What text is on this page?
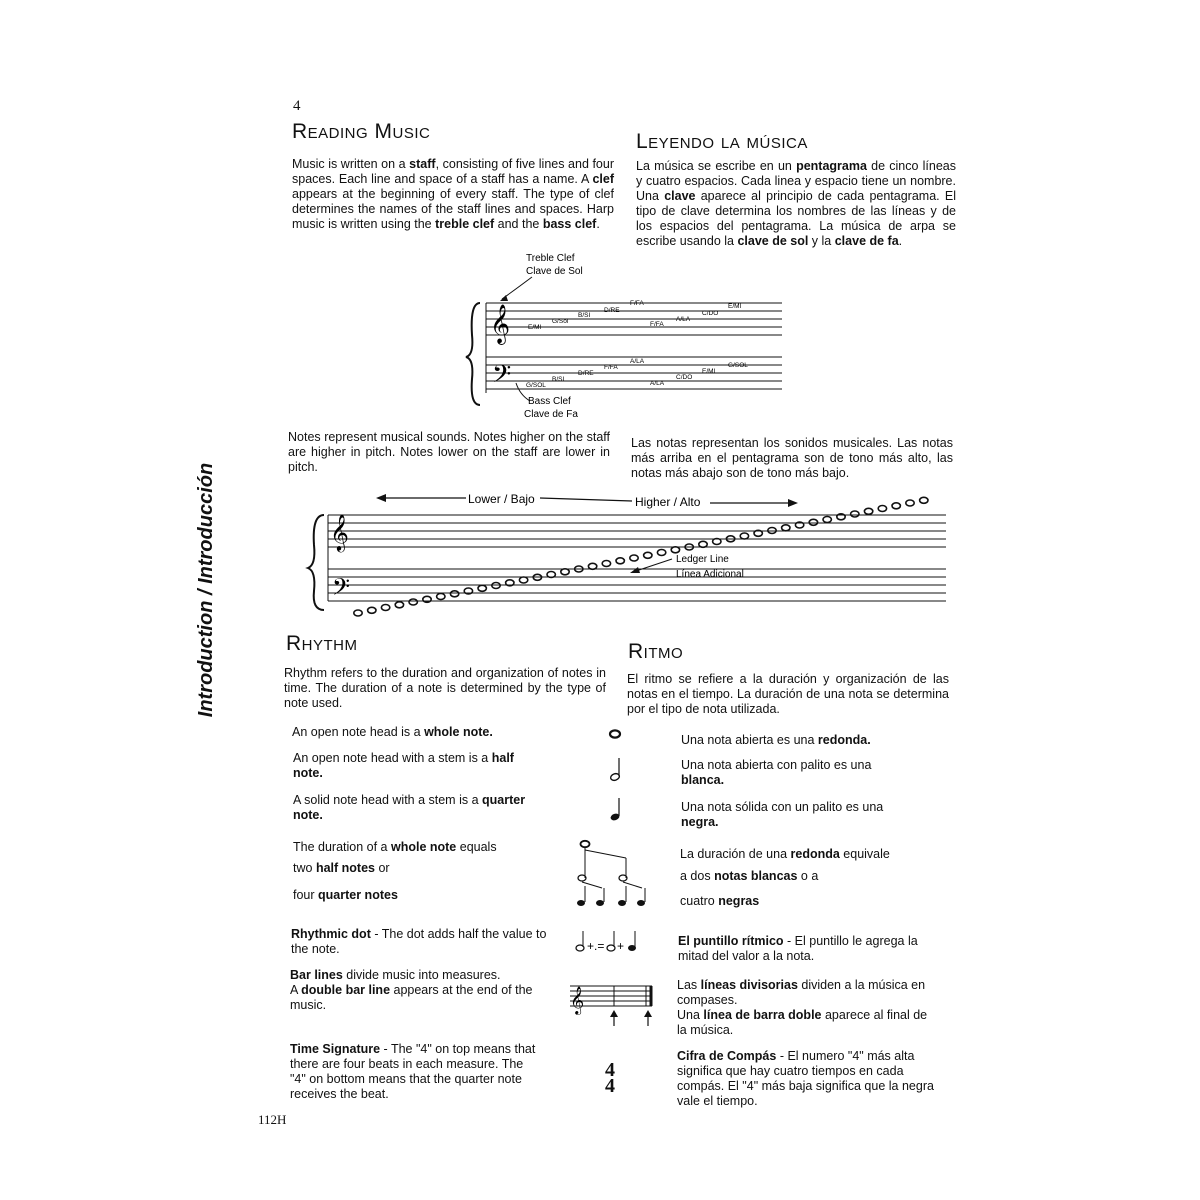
4
Introduction / Introducción
Reading Music	Leyendo la música

Music is written on a staff, consisting of five lines and four spaces. Each line and space of a staff has a name. A clef appears at the beginning of every staff. The type of clef determines the names of the staff lines and spaces. Harp music is written using the treble clef and the bass clef.

La música se escribe en un pentagrama de cinco líneas y cuatro espacios. Cada linea y espacio tiene un nombre. Una clave aparece al principio de cada pentagrama. El tipo de clave determina los nombres de las líneas y de los espacios del pentagrama. La música de arpa se escribe usando la clave de sol y la clave de fa.

Treble Clef
Clave de Sol
𝄞
𝄢
E/MI
G/Sol
B/SI
D/RE
F/FA
F/FA
A/LA
C/DO
E/MI
G/SOL
B/SI
D/RE
F/FA
A/LA
A/LA
C/DO
E/MI
G/SOL
Bass Clef
Clave de Fa

Notes represent musical sounds. Notes higher on the staff are higher in pitch. Notes lower on the staff are lower in pitch.

Las notas representan los sonidos musicales. Las notas más arriba en el pentagrama son de tono más alto, las notas más abajo son de tono más bajo.

Lower / Bajo	Higher / Alto
𝄞
𝄢
Ledger Line
Línea Adicional
Rhythm	Ritmo

Rhythm refers to the duration and organization of notes in time. The duration of a note is determined by the type of note used.

El ritmo se refiere a la duración y organización de las notas en el tiempo. La duración de una nota se determina por el tipo de nota utilizada.

An open note head is a whole note.
Una nota abierta es una redonda.
An open note head with a stem is a half note.
Una nota abierta con palito es una blanca.
A solid note head with a stem is a quarter note.
Una nota sólida con un palito es una negra.
The duration of a whole note equals
two half notes or
four quarter notes
La duración de una redonda equivale
a dos notas blancas o a
cuatro negras
Rhythmic dot - The dot adds half the value to the note.	+.= +	El puntillo rítmico - El puntillo le agrega la mitad del valor a la nota.
Bar lines divide music into measures.
A double bar line appears at the end of the music.	𝄞
Las líneas divisorias dividen a la música en compases.
Una línea de barra doble aparece al final de la música.
Time Signature - The "4" on top means that there are four beats in each measure. The "4" on bottom means that the quarter note receives the beat.
4
4
Cifra de Compás - El numero "4" más alta significa que hay cuatro tiempos en cada compás. El "4" más baja significa que la negra vale el tiempo.
112H
